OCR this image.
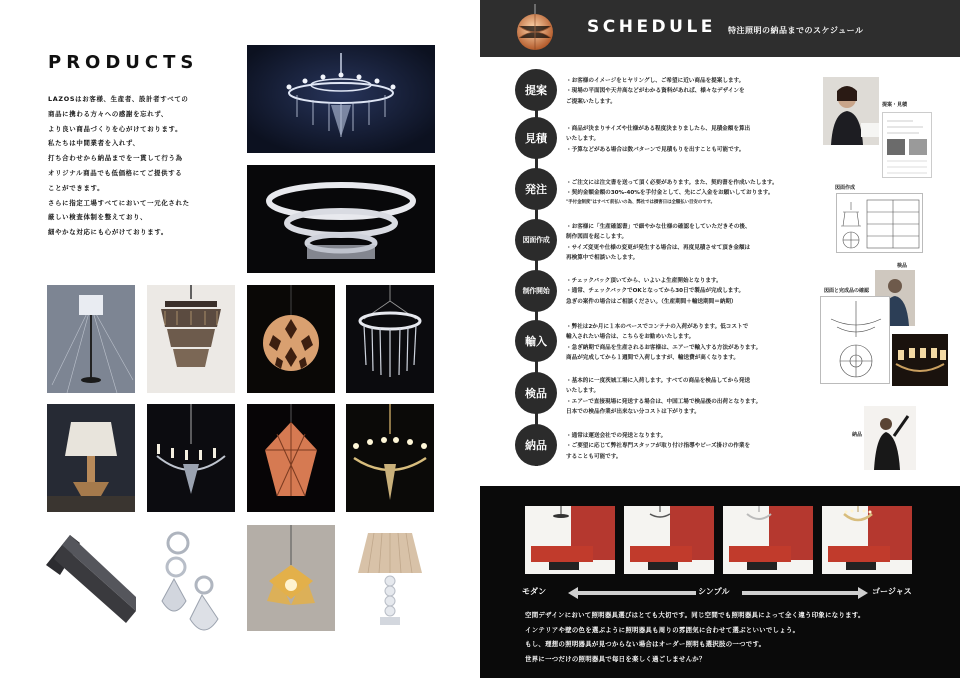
PRODUCTS
LAZOSはお客様、生産者、設計者すべての
商品に携わる方々への感謝を忘れず、
より良い商品づくりを心がけております。
私たちは中間業者を入れず、
打ち合わせから納品までを一貫して行う為
オリジナル商品でも低価格にてご提供する
ことができます。
さらに指定工場すべてにおいて一元化された
厳しい検査体制を整えており、
細やかな対応にも心がけております。
SCHEDULE 特注照明の納品までのスケジュール
提案
・お客様のイメージをヒヤリングし、ご希望に近い商品を提案します。
・現場の平面図や天井高などがわかる資料があれば、様々なデザインを
ご提案いたします。
見積
・商品が決まりサイズや仕様がある程度決まりましたら、見積金額を算出
いたします。
・予算などがある場合は数パターンで見積もりを出すことも可能です。
発注	・ご注文には注文書を送って頂く必要があります。また、契約書を作成いたします。
・契約金額金額の30%-40%を手付金として、先にご入金をお願いしております。
"手付金制度"はすべて前払いの為、弊社では損害日は全額払い目安のです。
図面作成
・お客様に「生産確認書」で細やかな仕様の確認をしていただきその後、
制作図面を起こします。
・サイズ変更や仕様の変更が発生する場合は、再度見積させて頂き金額は
再検算中で相談いたします。
制作開始
・チェックバック頂いてから、いよいよ生産開始となります。
・通常、チェックバックでOKとなってから30日で製品が完成します。
急ぎの案件の場合はご相談ください。（生産期間＋輸送期間＝納期）
輸入
・弊社は2か月に１本のペースでコンテナの入荷があります。低コストで
輸入されたい場合は、こちらをお勧めいたします。
・急ぎ納期で商品を生産されるお客様は、エアーで輸入する方法があります。
商品が完成してから１週間で入荷しますが、輸送費が高くなります。
検品
・基本的に一度茨城工場に入荷します。すべての商品を検品してから発送
いたします。
・エアーで直接現場に発送する場合は、中国工場で検品後の出荷となります。
日本での検品作業が出来ない分コストは下がります。
納品
・通常は運送会社での発送となります。
・ご要望に応じて弊社専門スタッフが取り付け指導やビーズ掛けの作業を
することも可能です。
提案・見積
図面作成
検品
図面と完成品の確認
納品
モダン	シンプル	ゴージャス
空間デザインにおいて照明器具選びはとても大切です。同じ空間でも照明器具によって全く違う印象になります。
インテリアや壁の色を選ぶように照明器具も周りの雰囲気に合わせて選ぶといいでしょう。
もし、理想の照明器具が見つからない場合はオーダー照明も選択肢の一つです。
世界に一つだけの照明器具で毎日を楽しく過ごしませんか？
